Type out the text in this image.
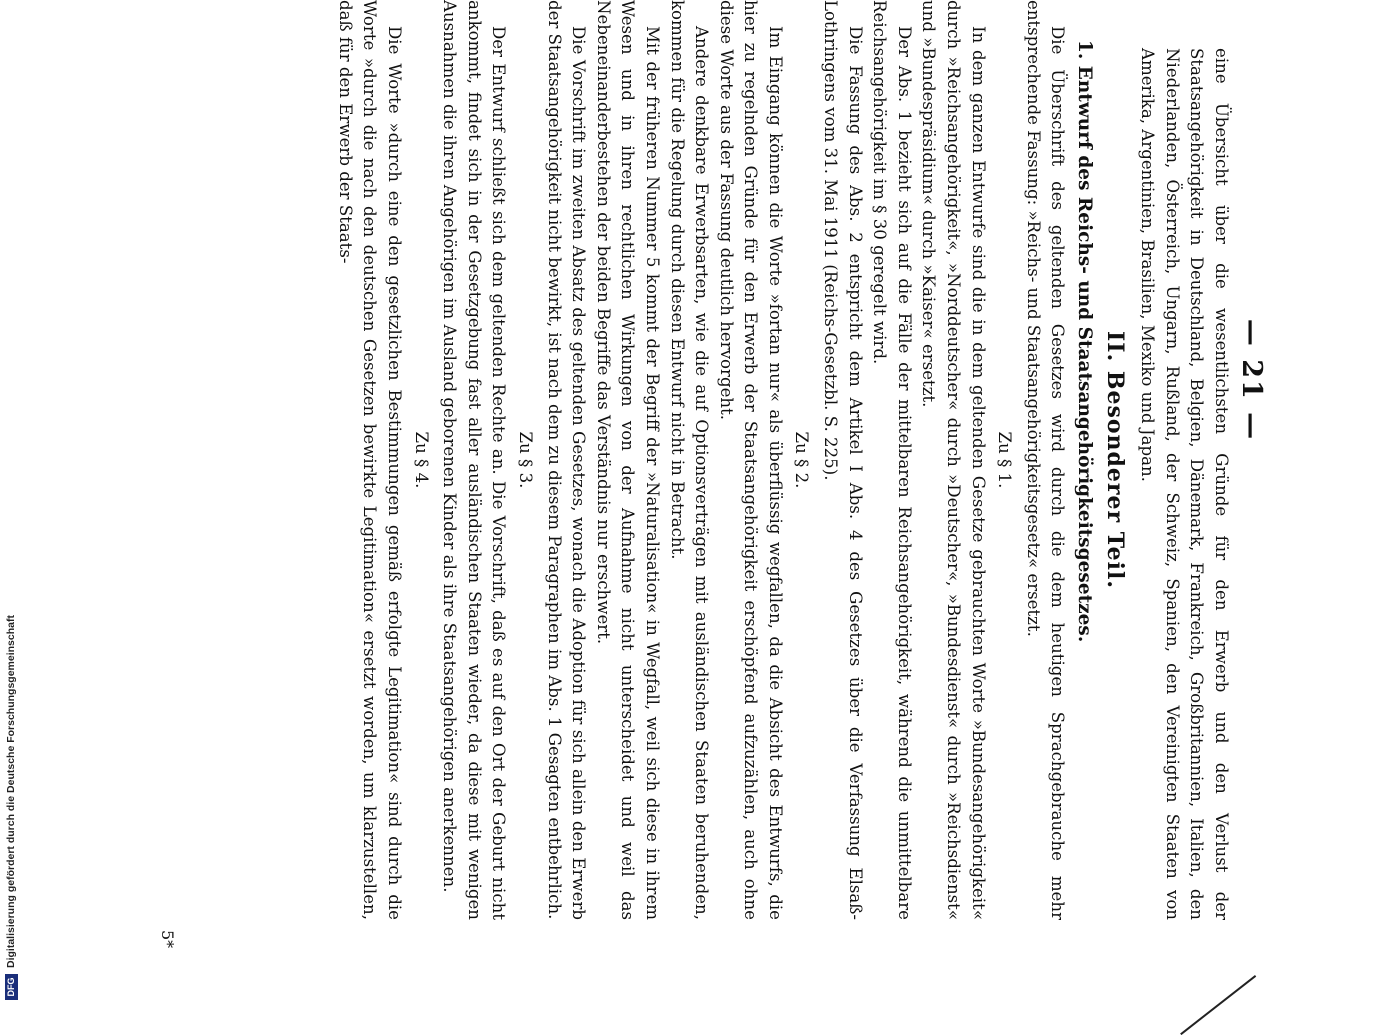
— 21 —

eine Übersicht über die wesentlichsten Gründe für den Erwerb und den Verlust der Staatsangehörigkeit in Deutschland, Belgien, Dänemark, Frankreich, Großbritannien, Italien, den Niederlanden, Österreich, Ungarn, Rußland, der Schweiz, Spanien, den Vereinigten Staaten von Amerika, Argentinien, Brasilien, Mexiko und Japan.

II. Besonderer Teil.
1. Entwurf des Reichs- und Staatsangehörigkeitsgesetzes.

Die Überschrift des geltenden Gesetzes wird durch die dem heutigen Sprachgebrauche mehr entsprechende Fassung: »Reichs- und Staatsangehörigkeitsgesetz« ersetzt.

Zu § 1.

In dem ganzen Entwurfe sind die in dem geltenden Gesetze gebrauchten Worte »Bundesangehörigkeit« durch »Reichsangehörigkeit«, »Norddeutscher« durch »Deutscher«, »Bundesdienst« durch »Reichsdienst« und »Bundespräsidium« durch »Kaiser« ersetzt.

Der Abs. 1 bezieht sich auf die Fälle der mittelbaren Reichsangehörigkeit, während die unmittelbare Reichsangehörigkeit im § 30 geregelt wird.

Die Fassung des Abs. 2 entspricht dem Artikel I Abs. 4 des Gesetzes über die Verfassung Elsaß-Lothringens vom 31. Mai 1911 (Reichs-Gesetzbl. S. 225).

Zu § 2.

Im Eingang können die Worte »fortan nur« als überflüssig wegfallen, da die Absicht des Entwurfs, die hier zu regelnden Gründe für den Erwerb der Staatsangehörigkeit erschöpfend aufzuzählen, auch ohne diese Worte aus der Fassung deutlich hervorgeht.

Andere denkbare Erwerbsarten, wie die auf Optionsverträgen mit ausländischen Staaten beruhenden, kommen für die Regelung durch diesen Entwurf nicht in Betracht.

Mit der früheren Nummer 5 kommt der Begriff der »Naturalisation« in Wegfall, weil sich diese in ihrem Wesen und in ihren rechtlichen Wirkungen von der Aufnahme nicht unterscheidet und weil das Nebeneinanderbestehen der beiden Begriffe das Verständnis nur erschwert.

Die Vorschrift im zweiten Absatz des geltenden Gesetzes, wonach die Adoption für sich allein den Erwerb der Staatsangehörigkeit nicht bewirkt, ist nach dem zu diesem Paragraphen im Abs. 1 Gesagten entbehrlich.

Zu § 3.

Der Entwurf schließt sich dem geltenden Rechte an. Die Vorschrift, daß es auf den Ort der Geburt nicht ankommt, findet sich in der Gesetzgebung fast aller ausländischen Staaten wieder, da diese mit wenigen Ausnahmen die ihren Angehörigen im Ausland geborenen Kinder als ihre Staatsangehörigen anerkennen.

Zu § 4.

Die Worte »durch eine den gesetzlichen Bestimmungen gemäß erfolgte Legitimation« sind durch die Worte »durch die nach den deutschen Gesetzen bewirkte Legitimation« ersetzt worden, um klarzustellen, daß für den Erwerb der Staats-

5*
DFG
Digitalisierung gefördert durch die Deutsche Forschungsgemeinschaft
